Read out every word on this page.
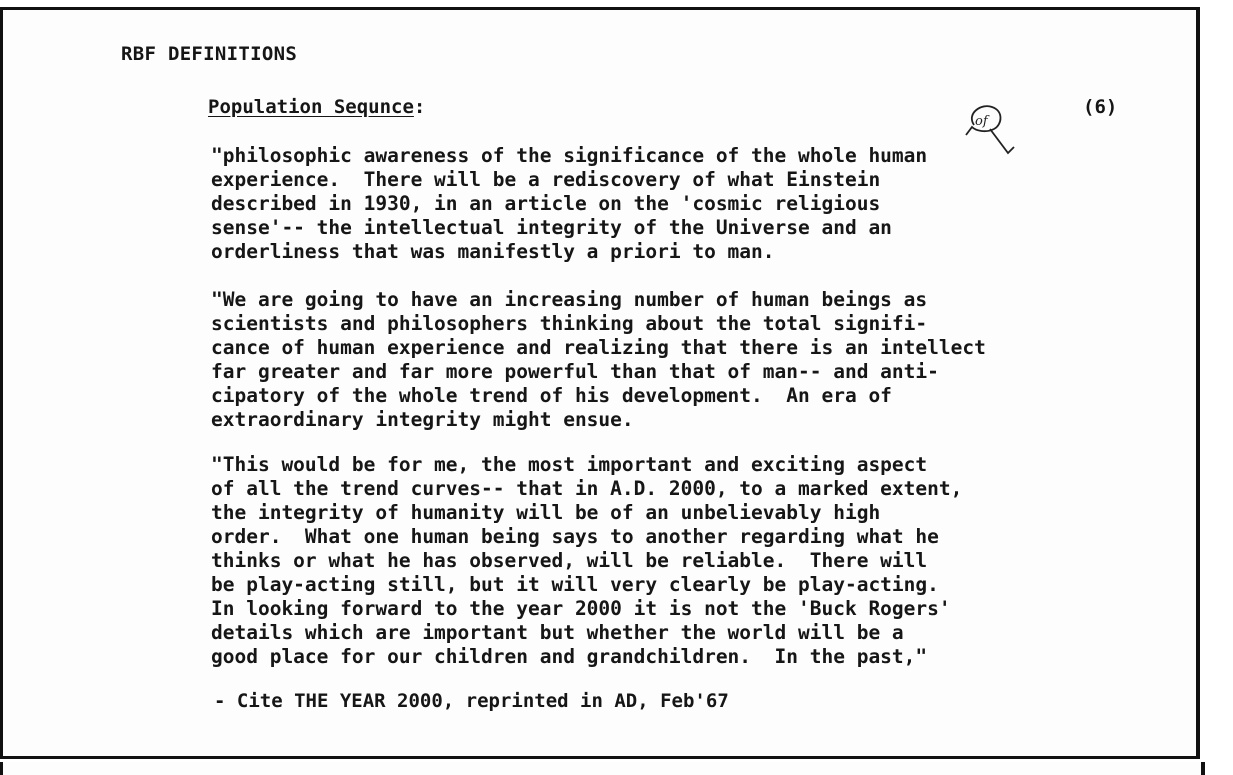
RBF DEFINITIONS
Population Sequnce:	(6)
of
"philosophic awareness of the significance of the whole human
experience.  There will be a rediscovery of what Einstein
described in 1930, in an article on the 'cosmic religious
sense'-- the intellectual integrity of the Universe and an
orderliness that was manifestly a priori to man.
"We are going to have an increasing number of human beings as
scientists and philosophers thinking about the total signifi-
cance of human experience and realizing that there is an intellect
far greater and far more powerful than that of man-- and anti-
cipatory of the whole trend of his development.  An era of
extraordinary integrity might ensue.
"This would be for me, the most important and exciting aspect
of all the trend curves-- that in A.D. 2000, to a marked extent,
the integrity of humanity will be of an unbelievably high
order.  What one human being says to another regarding what he
thinks or what he has observed, will be reliable.  There will
be play-acting still, but it will very clearly be play-acting.
In looking forward to the year 2000 it is not the 'Buck Rogers'
details which are important but whether the world will be a
good place for our children and grandchildren.  In the past,"
- Cite THE YEAR 2000, reprinted in AD, Feb'67
